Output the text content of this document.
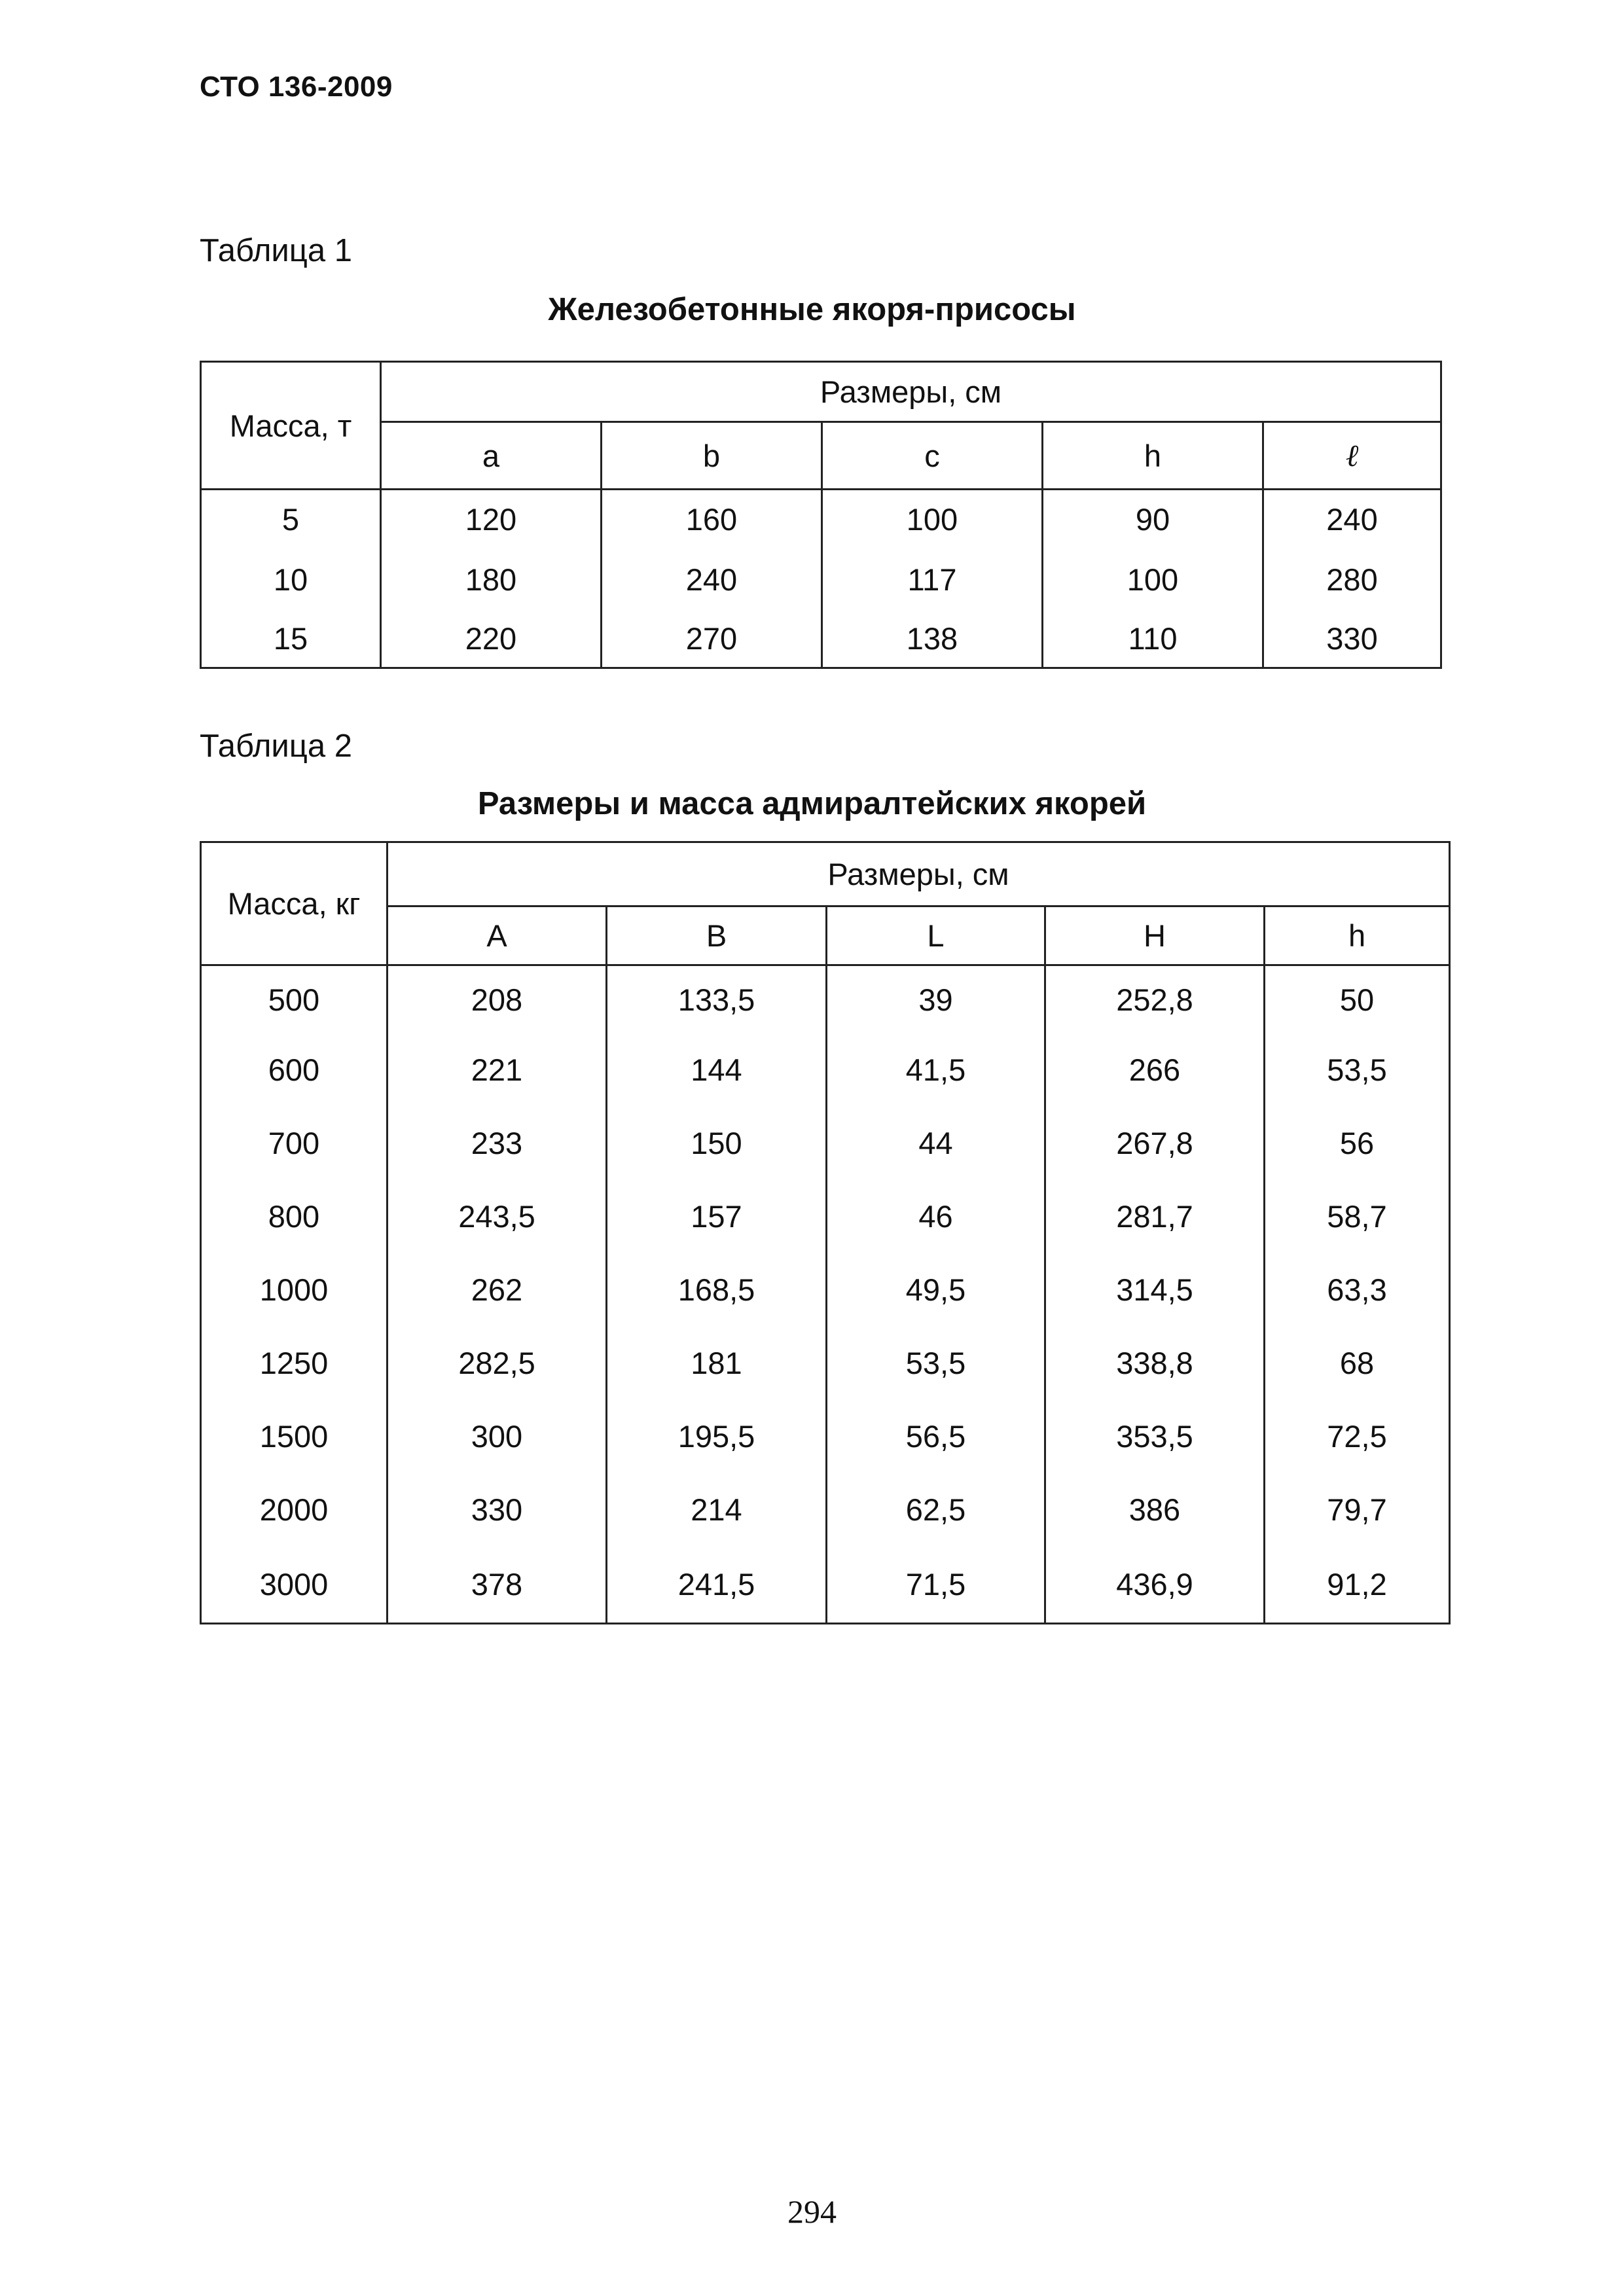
СТО 136-2009
Таблица 1
Железобетонные якоря-присосы
Масса, т	Размеры, см				
	a	b	c	h	ℓ
5	120	160	100	90	240
10	180	240	117	100	280
15	220	270	138	110	330
Таблица 2
Размеры и масса адмиралтейских якорей
Масса, кг	Размеры, см				
	A	B	L	H	h
500	208	133,5	39	252,8	50
600	221	144	41,5	266	53,5
700	233	150	44	267,8	56
800	243,5	157	46	281,7	58,7
1000	262	168,5	49,5	314,5	63,3
1250	282,5	181	53,5	338,8	68
1500	300	195,5	56,5	353,5	72,5
2000	330	214	62,5	386	79,7
3000	378	241,5	71,5	436,9	91,2
294
